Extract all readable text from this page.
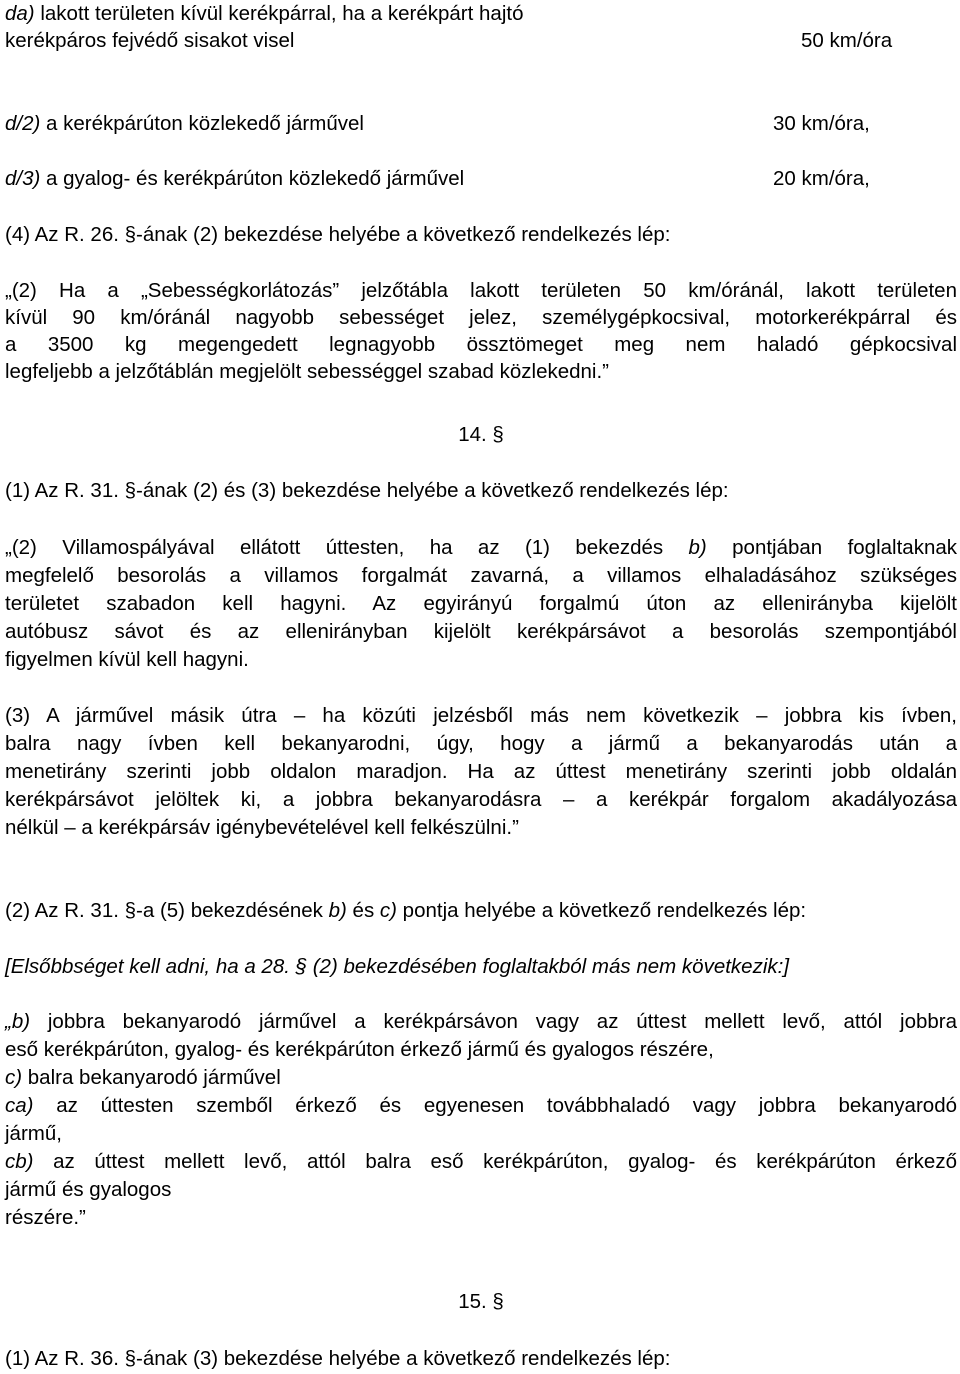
da) lakott területen kívül kerékpárral, ha a kerékpárt hajtó
kerékpáros fejvédő sisakot visel	50 km/óra
d/2) a kerékpárúton közlekedő járművel	30 km/óra,
d/3) a gyalog- és kerékpárúton közlekedő járművel	20 km/óra,
(4) Az R. 26. §-ának (2) bekezdése helyébe a következő rendelkezés lép:
„(2) Ha a „Sebességkorlátozás” jelzőtábla lakott területen 50 km/óránál, lakott területen
kívül 90 km/óránál nagyobb sebességet jelez, személygépkocsival, motorkerékpárral és
a 3500 kg megengedett legnagyobb össztömeget meg nem haladó gépkocsival
legfeljebb a jelzőtáblán megjelölt sebességgel szabad közlekedni.”
14. §
(1) Az R. 31. §-ának (2) és (3) bekezdése helyébe a következő rendelkezés lép:
„(2) Villamospályával ellátott úttesten, ha az (1) bekezdés b) pontjában foglaltaknak
megfelelő besorolás a villamos forgalmát zavarná, a villamos elhaladásához szükséges
területet szabadon kell hagyni. Az egyirányú forgalmú úton az ellenirányba kijelölt
autóbusz sávot és az ellenirányban kijelölt kerékpársávot a besorolás szempontjából
figyelmen kívül kell hagyni.
(3) A járművel másik útra – ha közúti jelzésből más nem következik – jobbra kis ívben,
balra nagy ívben kell bekanyarodni, úgy, hogy a jármű a bekanyarodás után a
menetirány szerinti jobb oldalon maradjon. Ha az úttest menetirány szerinti jobb oldalán
kerékpársávot jelöltek ki, a jobbra bekanyarodásra – a kerékpár forgalom akadályozása
nélkül – a kerékpársáv igénybevételével kell felkészülni.”
(2) Az R. 31. §-a (5) bekezdésének b) és c) pontja helyébe a következő rendelkezés lép:
[Elsőbbséget kell adni, ha a 28. § (2) bekezdésében foglaltakból más nem következik:]
„b) jobbra bekanyarodó járművel a kerékpársávon vagy az úttest mellett levő, attól jobbra
eső kerékpárúton, gyalog- és kerékpárúton érkező jármű és gyalogos részére,
c) balra bekanyarodó járművel
ca) az úttesten szemből érkező és egyenesen továbbhaladó vagy jobbra bekanyarodó
jármű,
cb) az úttest mellett levő, attól balra eső kerékpárúton, gyalog- és kerékpárúton érkező
jármű és gyalogos
részére.”
15. §
(1) Az R. 36. §-ának (3) bekezdése helyébe a következő rendelkezés lép:
